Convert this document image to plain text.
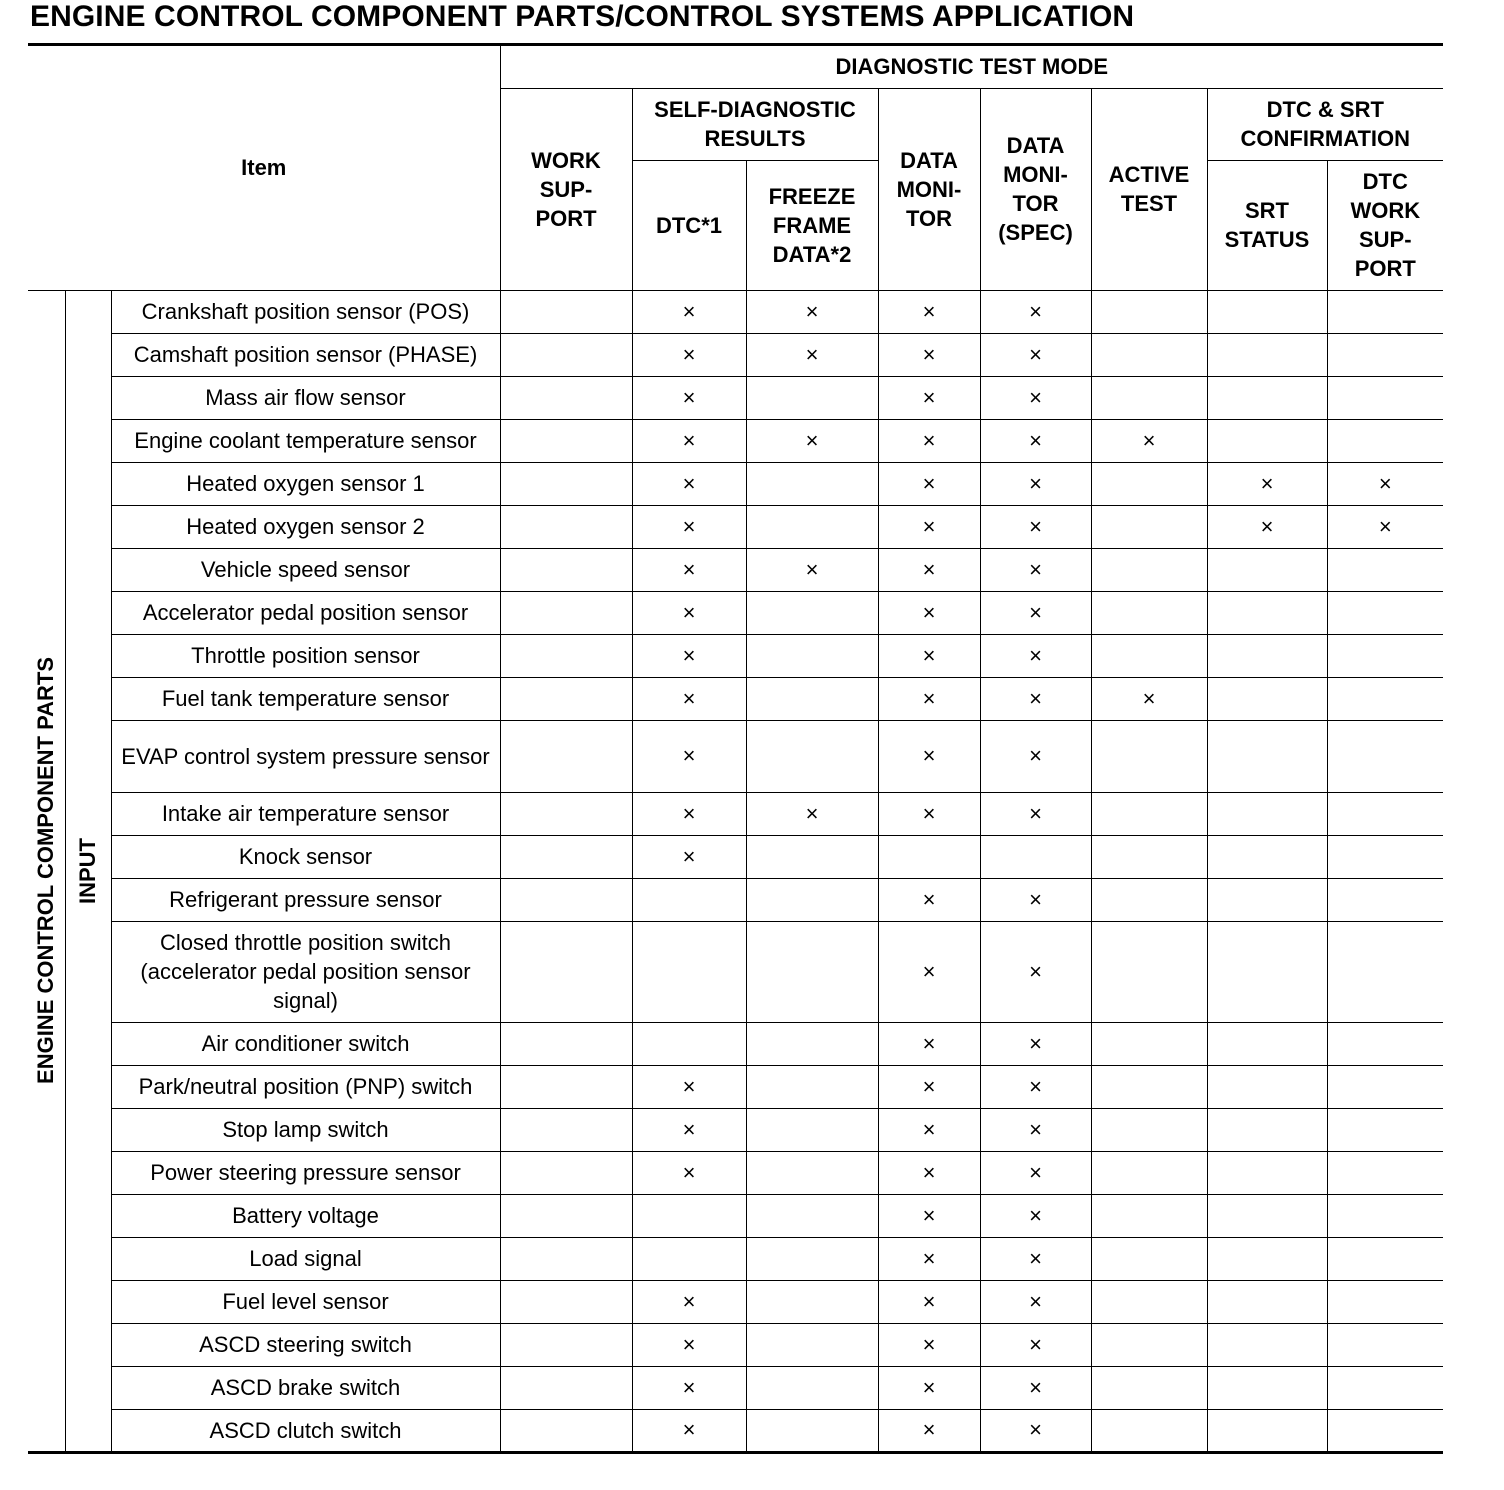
ENGINE CONTROL COMPONENT PARTS/CONTROL SYSTEMS APPLICATION
Item			DIAGNOSTIC TEST MODE							

			WORK SUP- PORT	SELF-DIAGNOSTIC RESULTS		DATA MONI- TOR	DATA MONI- TOR (SPEC)	ACTIVE TEST	DTC & SRT CONFIRMATION	

				DTC*1	FREEZE FRAME DATA*2				SRT STATUS	DTC WORK SUP- PORT

ENGINE CONTROL COMPONENT PARTS	INPUT	Crankshaft position sensor (POS)		×	×	×	×			
		Camshaft position sensor (PHASE)		×	×	×	×			
		Mass air flow sensor		×		×	×			
		Engine coolant temperature sensor		×	×	×	×	×		
		Heated oxygen sensor 1		×		×	×		×	×
		Heated oxygen sensor 2		×		×	×		×	×
		Vehicle speed sensor		×	×	×	×			
		Accelerator pedal position sensor		×		×	×			
		Throttle position sensor		×		×	×			
		Fuel tank temperature sensor		×		×	×	×		
		EVAP control system pressure sensor		×		×	×			
		Intake air temperature sensor		×	×	×	×			
		Knock sensor		×						
		Refrigerant pressure sensor				×	×			
		Closed throttle position switch (accelerator pedal position sensor signal)				×	×			
		Air conditioner switch				×	×			
		Park/neutral position (PNP) switch		×		×	×			
		Stop lamp switch		×		×	×			
		Power steering pressure sensor		×		×	×			
		Battery voltage				×	×			
		Load signal				×	×			
		Fuel level sensor		×		×	×			
		ASCD steering switch		×		×	×			
		ASCD brake switch		×		×	×			
		ASCD clutch switch		×		×	×			
